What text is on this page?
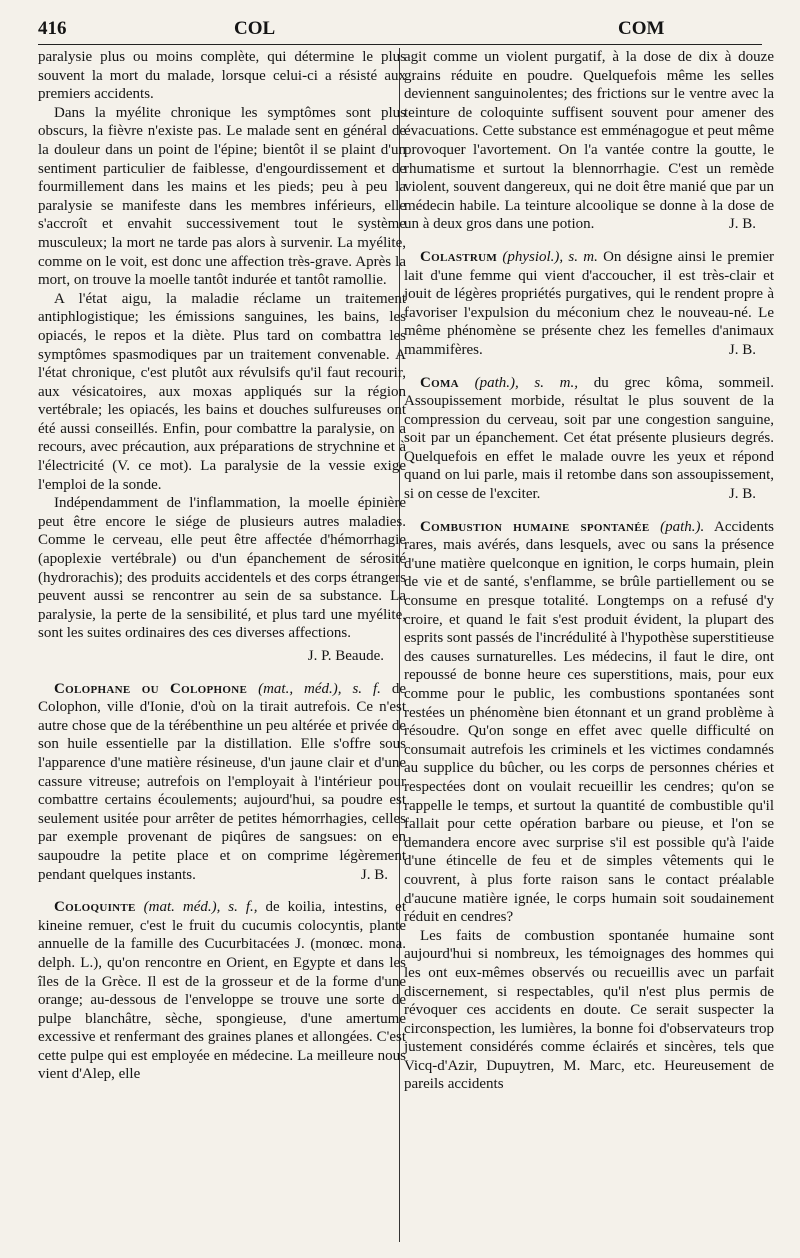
416	COL	COM

paralysie plus ou moins complète, qui détermine le plus souvent la mort du malade, lorsque celui-ci a résisté aux premiers accidents.

Dans la myélite chronique les symptômes sont plus obscurs, la fièvre n'existe pas. Le malade sent en général de la douleur dans un point de l'épine; bientôt il se plaint d'un sentiment particulier de faiblesse, d'engourdissement et de fourmillement dans les mains et les pieds; peu à peu la paralysie se manifeste dans les membres inférieurs, elle s'accroît et envahit successivement tout le système musculeux; la mort ne tarde pas alors à survenir. La myélite, comme on le voit, est donc une affection très-grave. Après la mort, on trouve la moelle tantôt indurée et tantôt ramollie.

A l'état aigu, la maladie réclame un traitement antiphlogistique; les émissions sanguines, les bains, les opiacés, le repos et la diète. Plus tard on combattra les symptômes spasmodiques par un traitement convenable. A l'état chronique, c'est plutôt aux révulsifs qu'il faut recourir, aux vésicatoires, aux moxas appliqués sur la région vertébrale; les opiacés, les bains et douches sulfureuses ont été aussi conseillés. Enfin, pour combattre la paralysie, on a recours, avec précaution, aux préparations de strychnine et à l'électricité (V. ce mot). La paralysie de la vessie exige l'emploi de la sonde.

Indépendamment de l'inflammation, la moelle épinière peut être encore le siége de plusieurs autres maladies. Comme le cerveau, elle peut être affectée d'hémorrhagie (apoplexie vertébrale) ou d'un épanchement de sérosité (hydrorachis); des produits accidentels et des corps étrangers peuvent aussi se rencontrer au sein de sa substance. La paralysie, la perte de la sensibilité, et plus tard une myélite, sont les suites ordinaires des ces diverses affections.

J. P. Beaude.

Colophane ou Colophone (mat., méd.), s. f. de Colophon, ville d'Ionie, d'où on la tirait autrefois. Ce n'est autre chose que de la térébenthine un peu altérée et privée de son huile essentielle par la distillation. Elle s'offre sous l'apparence d'une matière résineuse, d'un jaune clair et d'une cassure vitreuse; autrefois on l'employait à l'intérieur pour combattre certains écoulements; aujourd'hui, sa poudre est seulement usitée pour arrêter de petites hémorrhagies, celles par exemple provenant de piqûres de sangsues: on en saupoudre la petite place et on comprime légèrement pendant quelques instants.	J. B.

Coloquinte (mat. méd.), s. f., de koilia, intestins, et kineine remuer, c'est le fruit du cucumis colocyntis, plante annuelle de la famille des Cucurbitacées J. (monœc. mona. delph. L.), qu'on rencontre en Orient, en Egypte et dans les îles de la Grèce. Il est de la grosseur et de la forme d'une orange; au-dessous de l'enveloppe se trouve une sorte de pulpe blanchâtre, sèche, spongieuse, d'une amertume excessive et renfermant des graines planes et allongées. C'est cette pulpe qui est employée en médecine. La meilleure nous vient d'Alep, elle

agit comme un violent purgatif, à la dose de dix à douze grains réduite en poudre. Quelquefois même les selles deviennent sanguinolentes; des frictions sur le ventre avec la teinture de coloquinte suffisent souvent pour amener des évacuations. Cette substance est emménagogue et peut même provoquer l'avortement. On l'a vantée contre la goutte, le rhumatisme et surtout la blennorrhagie. C'est un remède violent, souvent dangereux, qui ne doit être manié que par un médecin habile. La teinture alcoolique se donne à la dose de un à deux gros dans une potion.	J. B.

Colastrum (physiol.), s. m. On désigne ainsi le premier lait d'une femme qui vient d'accoucher, il est très-clair et jouit de légères propriétés purgatives, qui le rendent propre à favoriser l'expulsion du méconium chez le nouveau-né. Le même phénomène se présente chez les femelles d'animaux mammifères.	J. B.

Coma (path.), s. m., du grec kôma, sommeil. Assoupissement morbide, résultat le plus souvent de la compression du cerveau, soit par une congestion sanguine, soit par un épanchement. Cet état présente plusieurs degrés. Quelquefois en effet le malade ouvre les yeux et répond quand on lui parle, mais il retombe dans son assoupissement, si on cesse de l'exciter.	J. B.

Combustion humaine spontanée (path.). Accidents rares, mais avérés, dans lesquels, avec ou sans la présence d'une matière quelconque en ignition, le corps humain, plein de vie et de santé, s'enflamme, se brûle partiellement ou se consume en presque totalité. Longtemps on a refusé d'y croire, et quand le fait s'est produit évident, la plupart des esprits sont passés de l'incrédulité à l'hypothèse superstitieuse des causes surnaturelles. Les médecins, il faut le dire, ont repoussé de bonne heure ces superstitions, mais, pour eux comme pour le public, les combustions spontanées sont restées un phénomène bien étonnant et un grand problème à résoudre. Qu'on songe en effet avec quelle difficulté on consumait autrefois les criminels et les victimes condamnés au supplice du bûcher, ou les corps de personnes chéries et respectées dont on voulait recueillir les cendres; qu'on se rappelle le temps, et surtout la quantité de combustible qu'il fallait pour cette opération barbare ou pieuse, et l'on se demandera encore avec surprise s'il est possible qu'à l'aide d'une étincelle de feu et de simples vêtements qui le couvrent, à plus forte raison sans le contact préalable d'aucune matière ignée, le corps humain soit soudainement réduit en cendres?

Les faits de combustion spontanée humaine sont aujourd'hui si nombreux, les témoignages des hommes qui les ont eux-mêmes observés ou recueillis avec un parfait discernement, si respectables, qu'il n'est plus permis de révoquer ces accidents en doute. Ce serait suspecter la circonspection, les lumières, la bonne foi d'observateurs trop justement considérés comme éclairés et sincères, tels que Vicq-d'Azir, Dupuytren, M. Marc, etc. Heureusement de pareils accidents
